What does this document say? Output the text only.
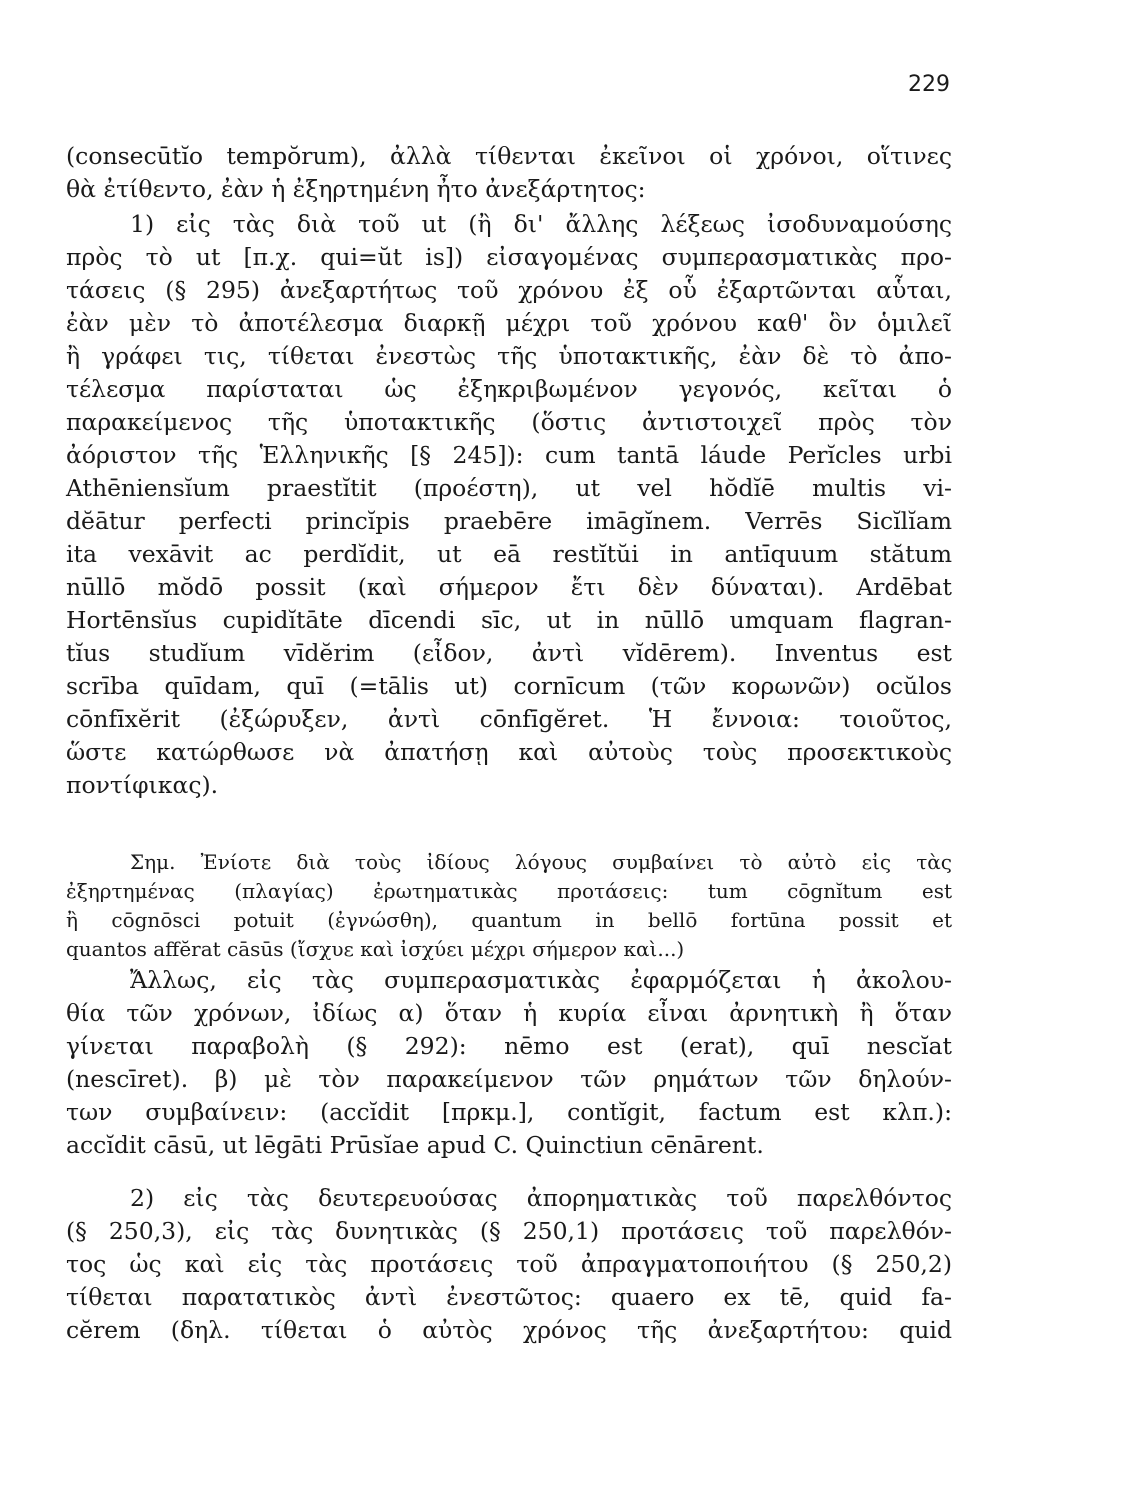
229
(consecūtĭo tempŏrum), ἀλλὰ τίθενται ἐκεῖνοι οἱ χρόνοι, οἵτινες
θὰ ἐτίθεντο, ἐὰν ἡ ἐξηρτημένη ἦτο ἀνεξάρτητος:
1) εἰς τὰς διὰ τοῦ ut (ἢ δι' ἄλλης λέξεως ἰσοδυναμούσης
πρὸς τὸ ut [π.χ. qui=ŭt is]) εἰσαγομένας συμπερασματικὰς προ-
τάσεις (§ 295) ἀνεξαρτήτως τοῦ χρόνου ἐξ οὗ ἐξαρτῶνται αὗται,
ἐὰν μὲν τὸ ἀποτέλεσμα διαρκῇ μέχρι τοῦ χρόνου καθ' ὃν ὁμιλεῖ
ἢ γράφει τις, τίθεται ἐνεστὼς τῆς ὑποτακτικῆς, ἐὰν δὲ τὸ ἀπο-
τέλεσμα παρίσταται ὡς ἐξηκριβωμένον γεγονός, κεῖται ὁ
παρακείμενος τῆς ὑποτακτικῆς (ὅστις ἀντιστοιχεῖ πρὸς τὸν
ἀόριστον τῆς Ἑλληνικῆς [§ 245]): cum tantā láude Perĭcles urbi
Athēniensĭum praestĭtit (προέστη), ut vel hŏdĭē multis vi-
dĕātur perfecti princĭpis praebēre imāgĭnem. Verrēs Sicĭlĭam
ita vexāvit ac perdĭdit, ut eā restĭtŭi in antīquum stătum
nūllō mŏdō possit (καὶ σήμερον ἔτι δὲν δύναται). Ardēbat
Hortēnsĭus cupidĭtāte dīcendi sīc, ut in nūllō umquam flagran-
tĭus studĭum vīdĕrim (εἶδον, ἀντὶ vĭdērem). Inventus est
scrība quīdam, quī (=tālis ut) cornīcum (τῶν κορωνῶν) ocŭlos
cōnfīxĕrit (ἐξώρυξεν, ἀντὶ cōnfīgĕret. Ἡ ἔννοια: τοιοῦτος,
ὥστε κατώρθωσε νὰ ἀπατήσῃ καὶ αὐτοὺς τοὺς προσεκτικοὺς
ποντίφικας).
Σημ. Ἐνίοτε διὰ τοὺς ἰδίους λόγους συμβαίνει τὸ αὐτὸ εἰς τὰς
ἐξηρτημένας (πλαγίας) ἐρωτηματικὰς προτάσεις: tum cōgnĭtum est
ἢ cōgnōsci potuit (ἐγνώσθη), quantum in bellō fortūna possit et
quantos affĕrat cāsūs (ἴσχυε καὶ ἰσχύει μέχρι σήμερον καὶ...)
Ἄλλως, εἰς τὰς συμπερασματικὰς ἐφαρμόζεται ἡ ἀκολου-
θία τῶν χρόνων, ἰδίως α) ὅταν ἡ κυρία εἶναι ἀρνητικὴ ἢ ὅταν
γίνεται παραβολὴ (§ 292): nēmo est (erat), quī nescĭat
(nescīret). β) μὲ τὸν παρακείμενον τῶν ρημάτων τῶν δηλούν-
των συμβαίνειν: (accĭdit [πρκμ.], contĭgit, factum est κλπ.):
accĭdit cāsū, ut lēgāti Prūsĭae apud C. Quinctiun cēnārent.
2) εἰς τὰς δευτερευούσας ἀπορηματικὰς τοῦ παρελθόντος
(§ 250,3), εἰς τὰς δυνητικὰς (§ 250,1) προτάσεις τοῦ παρελθόν-
τος ὡς καὶ εἰς τὰς προτάσεις τοῦ ἀπραγματοποιήτου (§ 250,2)
τίθεται παρατατικὸς ἀντὶ ἐνεστῶτος: quaero ex tē, quid fa-
cĕrem (δηλ. τίθεται ὁ αὐτὸς χρόνος τῆς ἀνεξαρτήτου: quid
